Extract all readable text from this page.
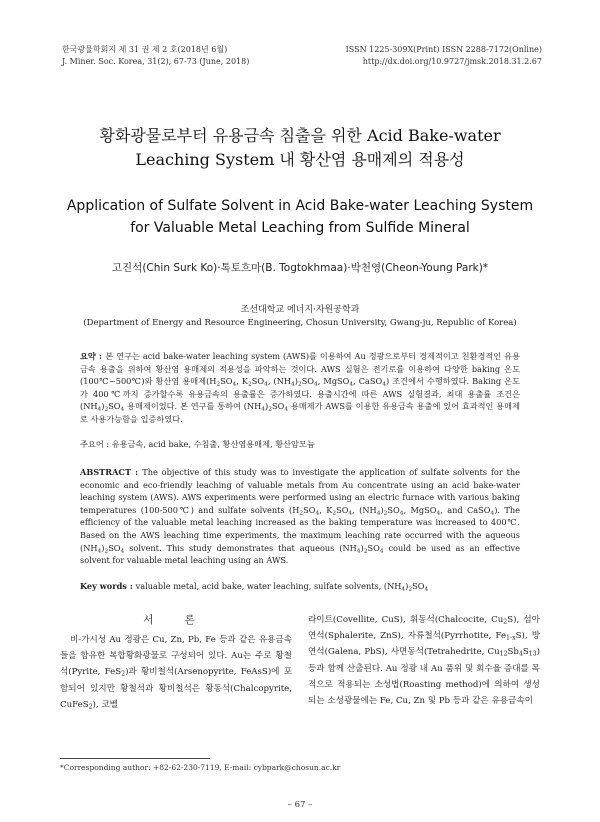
한국광물학회지 제 31 권 제 2 호(2018년 6월)
J. Miner. Soc. Korea, 31(2), 67-73 (June, 2018)
ISSN 1225-309X(Print) ISSN 2288-7172(Online)
http://dx.doi.org/10.9727/jmsk.2018.31.2.67
황화광물로부터 유용금속 침출을 위한 Acid Bake-water
Leaching System 내 황산염 용매제의 적용성
Application of Sulfate Solvent in Acid Bake-water Leaching System
for Valuable Metal Leaching from Sulfide Mineral
고진석(Chin Surk Ko)·톡토흐마(B. Togtokhmaa)·박천영(Cheon-Young Park)*
조선대학교 에너지·자원공학과
(Department of Energy and Resource Engineering, Chosun University, Gwang-ju, Republic of Korea)
요약 : 본 연구는 acid bake-water leaching system (AWS)를 이용하여 Au 정광으로부터 경제적이고 친환경적인 유용금속 용출을 위하여 황산염 용매제의 적용성을 파악하는 것이다. AWS 실험은 전기로를 이용하여 다양한 baking 온도(100℃~500℃)와 황산염 용매제($H_2SO_4$, $K_2SO_4$, $(NH_4)_2SO_4$, MgSO$_4$, CaSO$_4$) 조건에서 수행하였다. Baking 온도가 400℃까지 증가할수록 유용금속의 용출률은 증가하였다. 용출시간에 따른 AWS 실험결과, 최대 용출률 조건은 $(NH_4)_2SO_4$ 용매제이었다. 본 연구를 통하여 $(NH_4)_2SO_4$ 용매제가 AWS를 이용한 유용금속 용출에 있어 효과적인 용매제로 사용가능함을 입증하였다.
주요어 : 유용금속, acid bake, 수침출, 황산염용매제, 황산암모늄
ABSTRACT : The objective of this study was to investigate the application of sulfate solvents for the economic and eco-friendly leaching of valuable metals from Au concentrate using an acid bake-water leaching system (AWS). AWS experiments were performed using an electric furnace with various baking temperatures (100-500℃) and sulfate solvents ($H_2SO_4$, $K_2SO_4$, $(NH_4)_2SO_4$, MgSO$_4$, and CaSO$_4$). The efficiency of the valuable metal leaching increased as the baking temperature was increased to 400℃. Based on the AWS leaching time experiments, the maximum leaching rate occurred with the aqueous $(NH_4)_2SO_4$ solvent. This study demonstrates that aqueous $(NH_4)_2SO_4$ could be used as an effective solvent for valuable metal leaching using an AWS.
Key words : valuable metal, acid bake, water leaching, sulfate solvents, $(NH_4)_2SO_4$
서 론
비-가시성 Au 정광은 Cu, Zn, Pb, Fe 등과 같은 유용금속들을 함유한 복합황화광물로 구성되어 있다. Au는 주로 황철석(Pyrite, FeS$_2$)과 황비철석(Arsenopyrite, FeAsS)에 포함되어 있지만 황철석과 황비철석은 황동석(Chalcopyrite, CuFeS$_2$), 코벨
라이트(Covellite, CuS), 휘동석(Chalcocite, $Cu_2S$), 섬아연석(Sphalerite, ZnS), 자류철석(Pyrrhotite, $Fe_{1-x}S$), 방연석(Galena, PbS), 사면동석(Tetrahedrite, $Cu_{12}Sb_4S_{13}$) 등과 함께 산출된다. Au 정광 내 Au 품위 및 회수율 증대를 목적으로 적용되는 소성법(Roasting method)에 의하여 생성되는 소성광물에는 Fe, Cu, Zn 및 Pb 등과 같은 유용금속이
*Corresponding author: +82-62-230-7119, E-mail: cybpark@chosun.ac.kr
– 67 –
